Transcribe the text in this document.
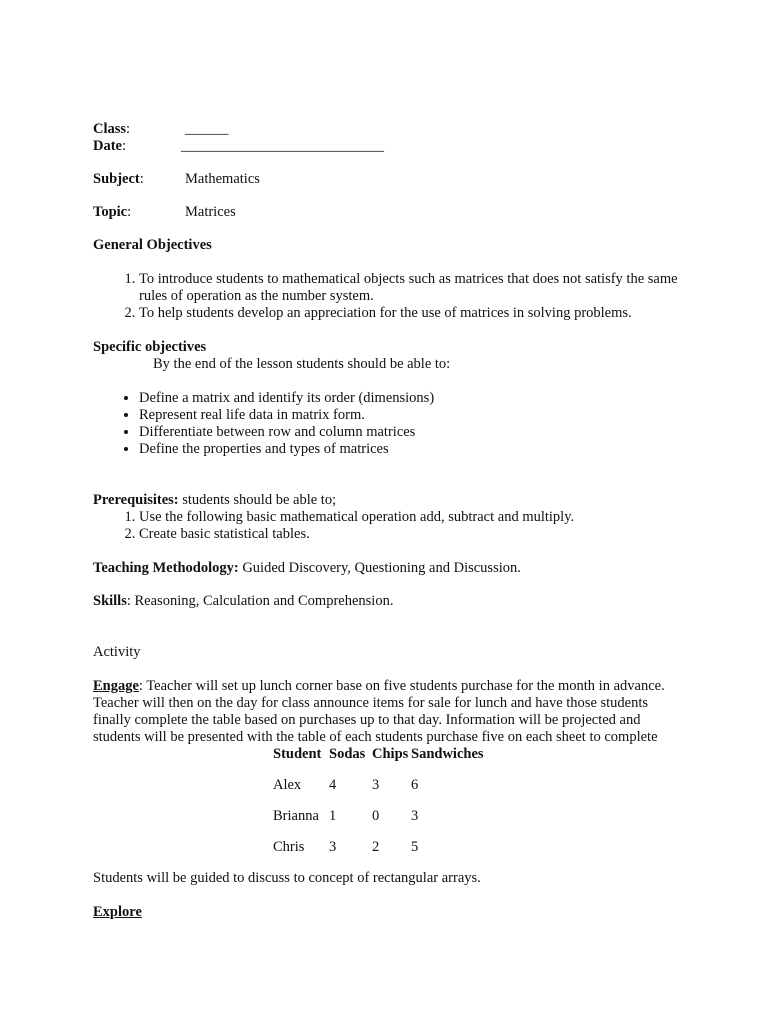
Class:	______
Date:	____________________________
Subject:	Mathematics
Topic:	Matrices
General Objectives
1. To introduce students to mathematical objects such as matrices that does not satisfy the same rules of operation as the number system.
2. To help students develop an appreciation for the use of matrices in solving problems.
Specific objectives
By the end of the lesson students should be able to:
• Define a matrix and identify its order (dimensions)
• Represent real life data in matrix form.
• Differentiate between row and column matrices
• Define the properties and types of matrices
Prerequisites: students should be able to;
1. Use the following basic mathematical operation add, subtract and multiply.
2. Create basic statistical tables.
Teaching Methodology: Guided Discovery, Questioning and Discussion.
Skills: Reasoning, Calculation and Comprehension.
Activity

Engage: Teacher will set up lunch corner base on five students purchase for the month in advance. Teacher will then on the day for class announce items for sale for lunch and have those students finally complete the table based on purchases up to that day. Information will be projected and students will be presented with the table of each students purchase five on each sheet to complete

Student	Sodas	Chips	Sandwiches
Alex	4	3	6
Brianna	1	0	3
Chris	3	2	5
Students will be guided to discuss to concept of rectangular arrays.
Explore
